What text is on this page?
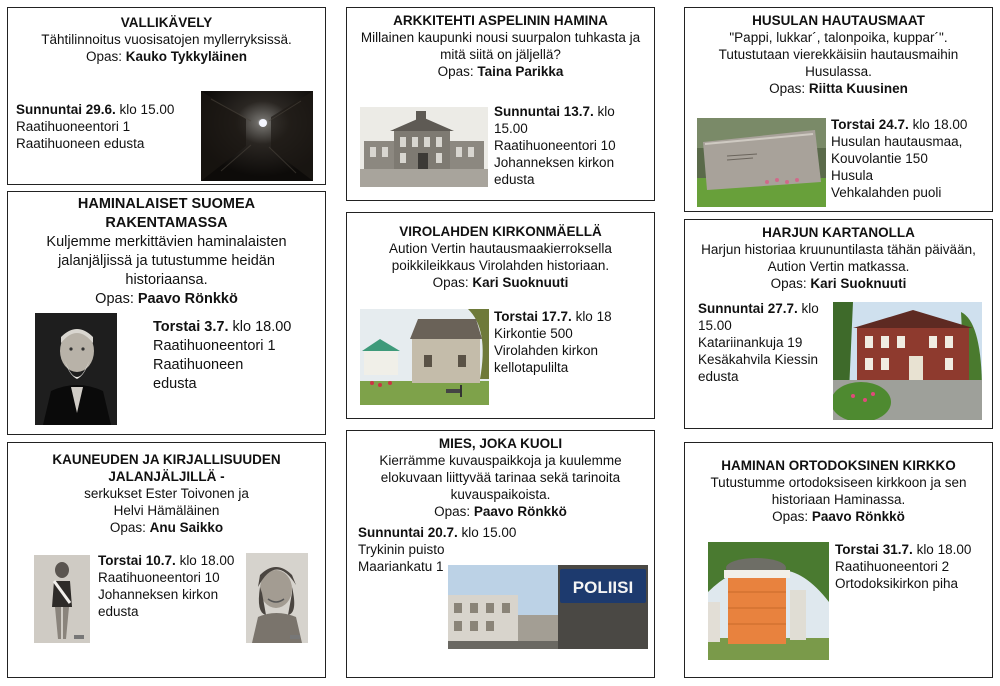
VALLIKÄVELY
Tähtilinnoitus vuosisatojen myllerryksissä.
Opas: Kauko Tykkyläinen
Sunnuntai 29.6. klo 15.00
Raatihuoneentori 1
Raatihuoneen edusta
HAMINALAISET SUOMEA
RAKENTAMASSA
Kuljemme merkittävien haminalaisten
jalanjäljissä ja tutustumme heidän
historiaansa.
Opas: Paavo Rönkkö
Torstai 3.7. klo 18.00
Raatihuoneentori 1
Raatihuoneen
edusta
KAUNEUDEN JA KIRJALLISUUDEN
JALANJÄLJILLÄ -
serkukset Ester Toivonen ja
Helvi Hämäläinen
Opas: Anu Saikko
Torstai 10.7. klo 18.00
Raatihuoneentori 10
Johanneksen kirkon
edusta
ARKKITEHTI ASPELININ HAMINA
Millainen kaupunki nousi suurpalon tuhkasta ja
mitä siitä on jäljellä?
Opas: Taina Parikka
Sunnuntai 13.7. klo
15.00
Raatihuoneentori 10
Johanneksen kirkon
edusta
VIROLAHDEN KIRKONMÄELLÄ
Aution Vertin hautausmaakierroksella
poikkileikkaus Virolahden historiaan.
Opas: Kari Suoknuuti
Torstai 17.7. klo 18
Kirkontie 500
Virolahden kirkon
kellotapulilta
MIES, JOKA KUOLI
Kierrämme kuvauspaikkoja ja kuulemme
elokuvaan liittyvää tarinaa sekä tarinoita
kuvauspaikoista.
Opas: Paavo Rönkkö
Sunnuntai 20.7. klo 15.00
Trykinin puisto
Maariankatu 1
POLIISI
HUSULAN HAUTAUSMAAT
"Pappi, lukkar´, talonpoika, kuppar´".
Tutustutaan vierekkäisiin hautausmaihin
Husulassa.
Opas: Riitta Kuusinen
Torstai 24.7. klo 18.00
Husulan hautausmaa,
Kouvolantie 150
Husula
Vehkalahden puoli
HARJUN KARTANOLLA
Harjun historiaa kruununtilasta tähän päivään,
Aution Vertin matkassa.
Opas: Kari Suoknuuti
Sunnuntai 27.7. klo
15.00
Katariinankuja 19
Kesäkahvila Kiessin
edusta
HAMINAN ORTODOKSINEN KIRKKO
Tutustumme ortodoksiseen kirkkoon ja sen
historiaan Haminassa.
Opas: Paavo Rönkkö
Torstai 31.7. klo 18.00
Raatihuoneentori 2
Ortodoksikirkon piha
